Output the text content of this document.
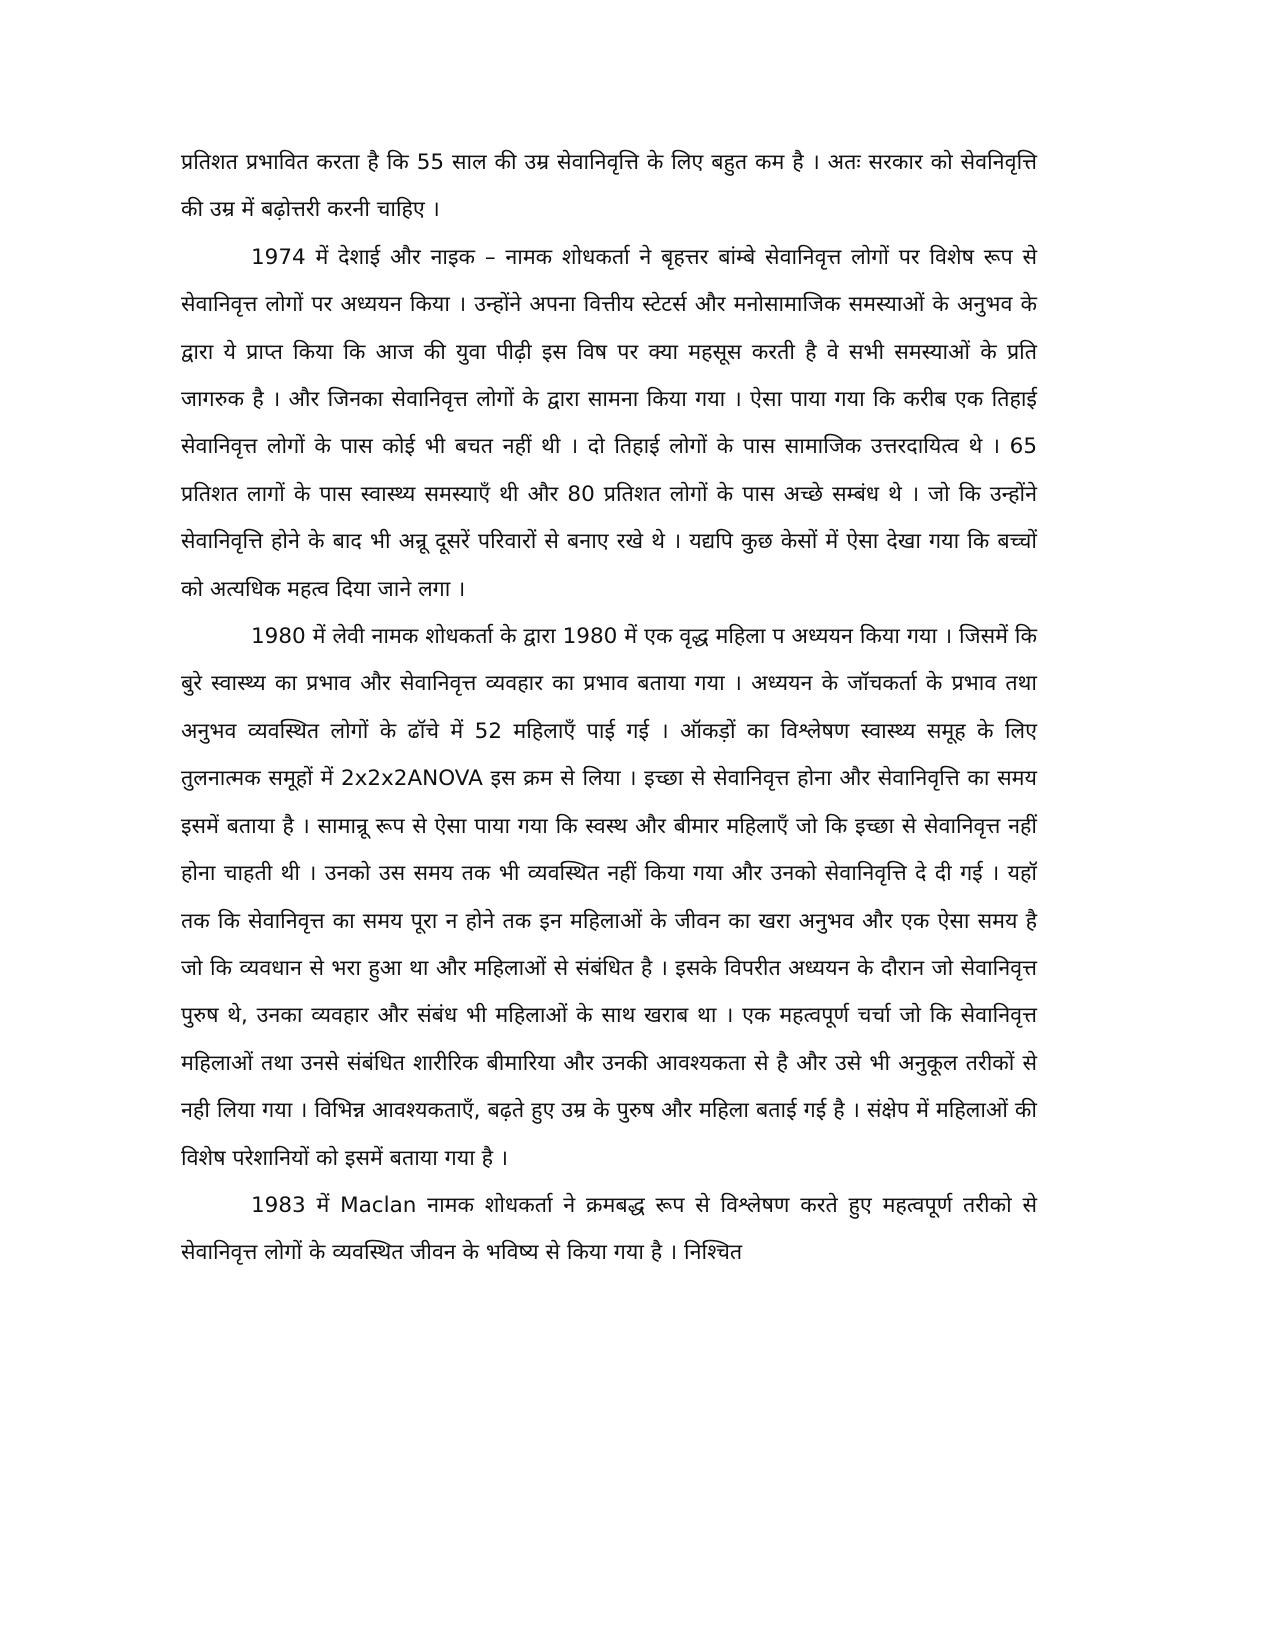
प्रतिशत प्रभावित करता है कि 55 साल की उम्र सेवानिवृत्ति के लिए बहुत कम है । अतः सरकार को सेवनिवृत्ति की उम्र में बढ़ोत्तरी करनी चाहिए ।

1974 में देशाई और नाइक – नामक शोधकर्ता ने बृहत्तर बांम्बे सेवानिवृत्त लोगों पर विशेष रूप से सेवानिवृत्त लोगों पर अध्ययन किया । उन्होंने अपना वित्तीय स्टेटर्स और मनोसामाजिक समस्याओं के अनुभव के द्वारा ये प्राप्त किया कि आज की युवा पीढ़ी इस विष पर क्या महसूस करती है वे सभी समस्याओं के प्रति जागरुक है । और जिनका सेवानिवृत्त लोगों के द्वारा सामना किया गया । ऐसा पाया गया कि करीब एक तिहाई सेवानिवृत्त लोगों के पास कोई भी बचत नहीं थी । दो तिहाई लोगों के पास सामाजिक उत्तरदायित्व थे । 65 प्रतिशत लागों के पास स्वास्थ्य समस्याएँ थी और 80 प्रतिशत लोगों के पास अच्छे सम्बंध थे । जो कि उन्होंने सेवानिवृत्ति होने के बाद भी अन्रू दूसरें परिवारों से बनाए रखे थे । यद्यपि कुछ केसों में ऐसा देखा गया कि बच्चों को अत्यधिक महत्व दिया जाने लगा ।

1980 में लेवी नामक शोधकर्ता के द्वारा 1980 में एक वृद्ध महिला प अध्ययन किया गया । जिसमें कि बुरे स्वास्थ्य का प्रभाव और सेवानिवृत्त व्यवहार का प्रभाव बताया गया । अध्ययन के जॉचकर्ता के प्रभाव तथा अनुभव व्यवस्थित लोगों के ढॉचे में 52 महिलाएँ पाई गई । ऑकड़ों का विश्लेषण स्वास्थ्य समूह के लिए तुलनात्मक समूहों में 2x2x2ANOVA इस क्रम से लिया । इच्छा से सेवानिवृत्त होना और सेवानिवृत्ति का समय इसमें बताया है । सामान्रू रूप से ऐसा पाया गया कि स्वस्थ और बीमार महिलाएँ जो कि इच्छा से सेवानिवृत्त नहीं होना चाहती थी । उनको उस समय तक भी व्यवस्थित नहीं किया गया और उनको सेवानिवृत्ति दे दी गई । यहॉ तक कि सेवानिवृत्त का समय पूरा न होने तक इन महिलाओं के जीवन का खरा अनुभव और एक ऐसा समय है जो कि व्यवधान से भरा हुआ था और महिलाओं से संबंधित है । इसके विपरीत अध्ययन के दौरान जो सेवानिवृत्त पुरुष थे, उनका व्यवहार और संबंध भी महिलाओं के साथ खराब था । एक महत्वपूर्ण चर्चा जो कि सेवानिवृत्त महिलाओं तथा उनसे संबंधित शारीरिक बीमारिया और उनकी आवश्यकता से है और उसे भी अनुकूल तरीकों से नही लिया गया । विभिन्न आवश्यकताएँ, बढ़ते हुए उम्र के पुरुष और महिला बताई गई है । संक्षेप में महिलाओं की विशेष परेशानियों को इसमें बताया गया है ।

1983 में Maclan नामक शोधकर्ता ने क्रमबद्ध रूप से विश्लेषण करते हुए महत्वपूर्ण तरीको से सेवानिवृत्त लोगों के व्यवस्थित जीवन के भविष्य से किया गया है । निश्चित
